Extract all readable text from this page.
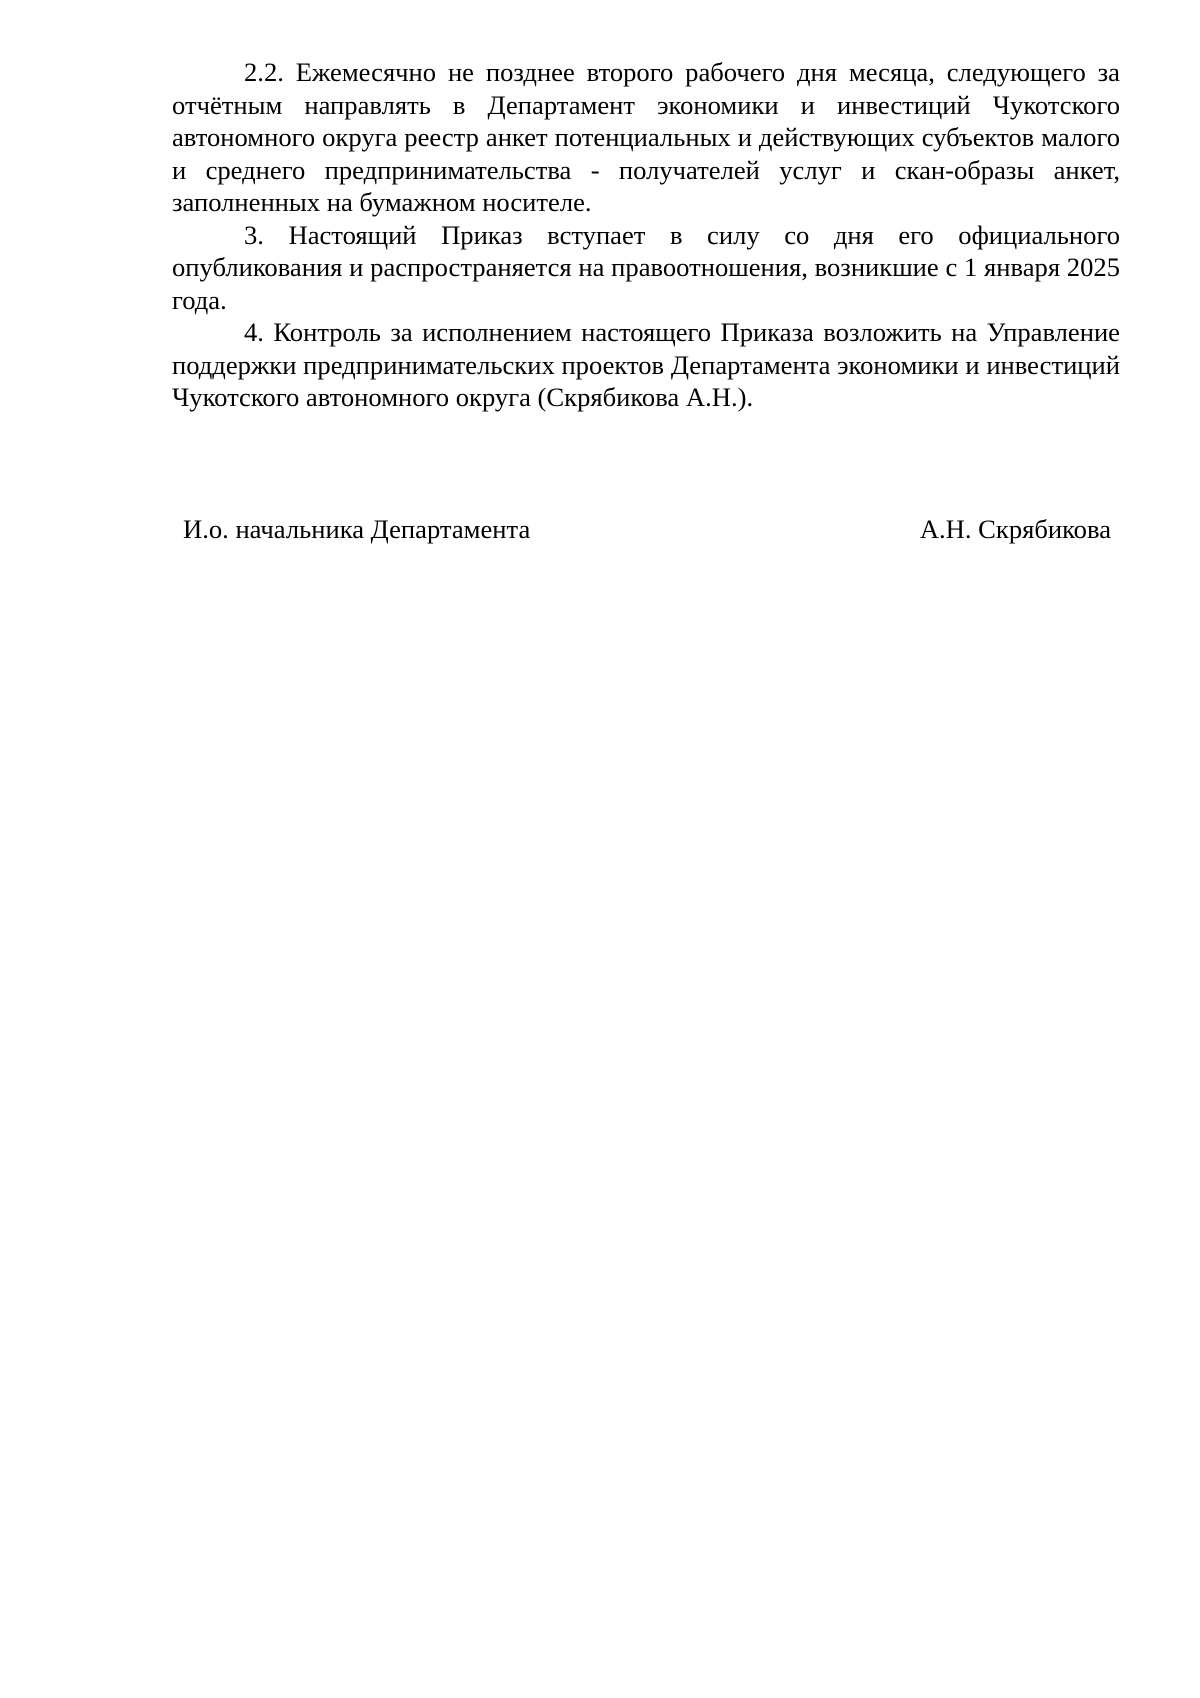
2.2. Ежемесячно не позднее второго рабочего дня месяца, следующего за отчётным направлять в Департамент экономики и инвестиций Чукотского автономного округа реестр анкет потенциальных и действующих субъектов малого и среднего предпринимательства - получателей услуг и скан-образы анкет, заполненных на бумажном носителе.

3. Настоящий Приказ вступает в силу со дня его официального опубликования и распространяется на правоотношения, возникшие с 1 января 2025 года.

4. Контроль за исполнением настоящего Приказа возложить на Управление поддержки предпринимательских проектов Департамента экономики и инвестиций Чукотского автономного округа (Скрябикова А.Н.).

И.о. начальника Департамента	А.Н. Скрябикова
